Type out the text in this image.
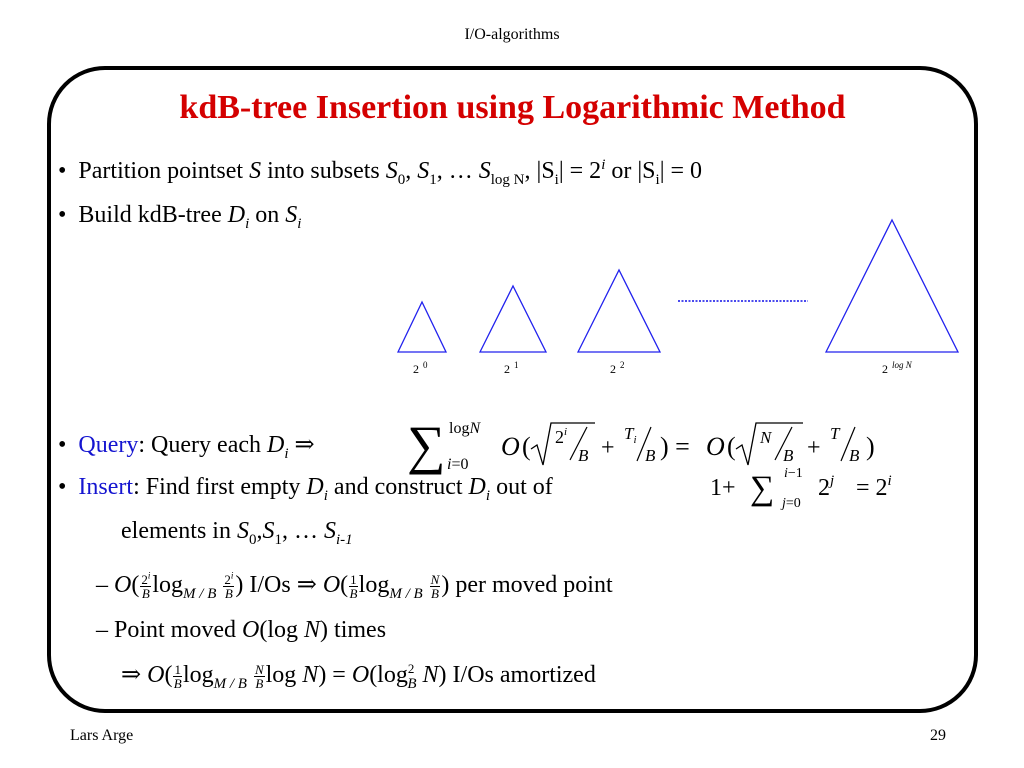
I/O-algorithms
kdB-tree Insertion using Logarithmic Method
•  Partition pointset S into subsets $S_0$, $S_1$, … $S_{log N}$, $|S_i| = 2^i$ or $|S_i| = 0$
•  Build kdB-tree $D_i$ on $S_i$
2 $^0$	2 $^1$	2 $^2$	2 $^{log N}$
•  Query: Query each $D_i$ ⇒ ∑ logN
i=0
O ( 2$^i$
B +
$T_i$
B ) = O ( N
B +
T
B )
•  Insert: Find first empty $D_i$ and construct $D_i$ out of	1+ ∑ i−1
j=0
$2^j = 2^i$
elements in $S_0,S_1$, … $S_{i-1}$
– $O( \frac{2^i}{B} \log_{M / B} \frac{2^i}{B}$ ) I/Os ⇒ $O( \frac{1}{B} \log_{M / B} \frac{N}{B}$ ) per moved point
– Point moved O(log N) times
⇒ $O( \frac{1}{B} \log_{M / B} \frac{N}{B}$ $\log N) = O(\log^2_B$ N) I/Os amortized
Lars Arge	29
